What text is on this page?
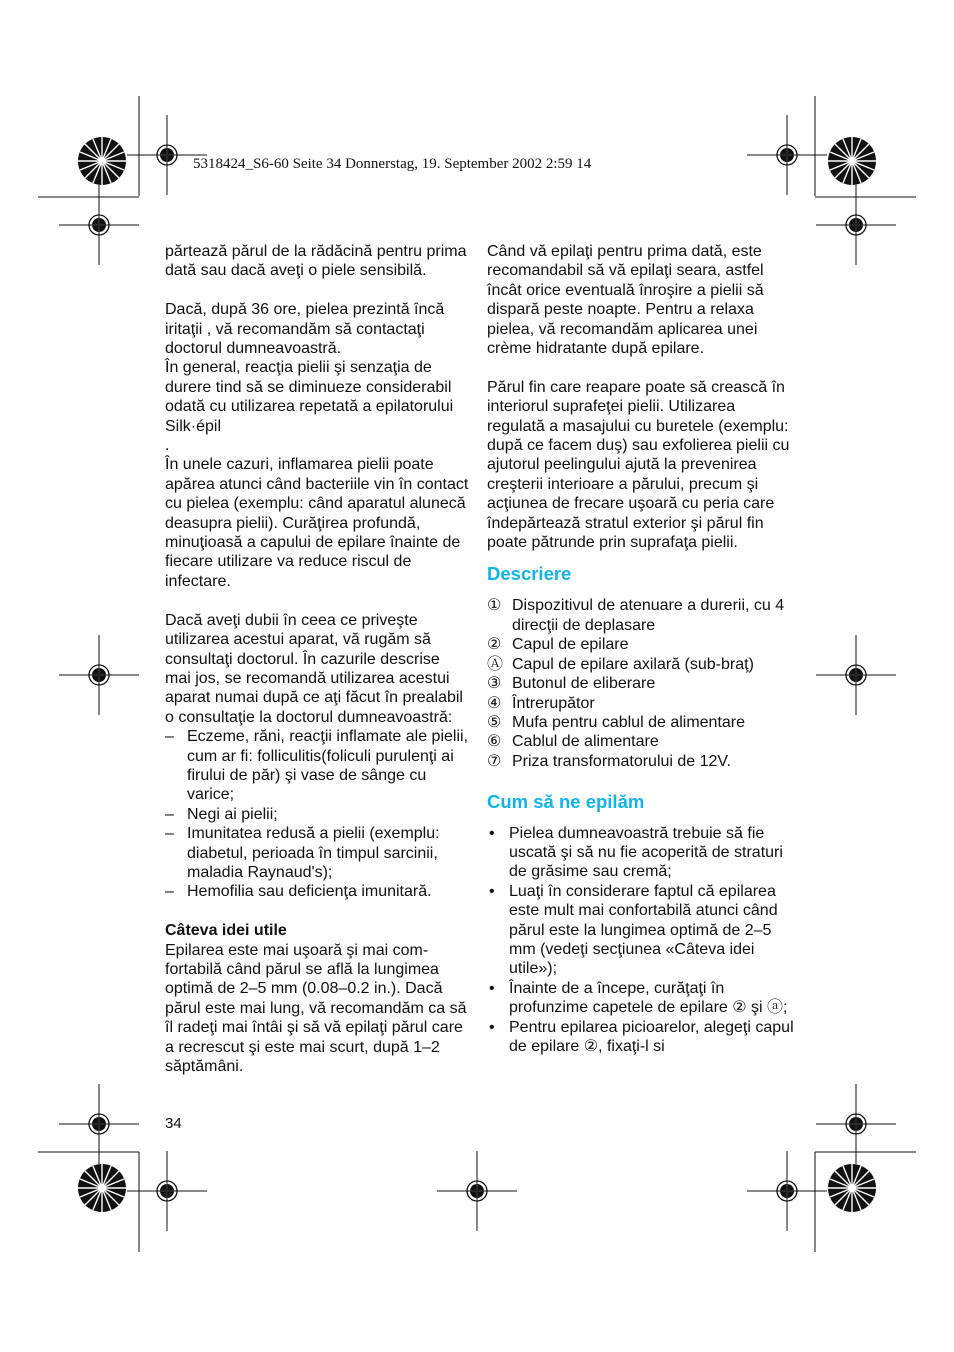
5318424_S6-60 Seite 34 Donnerstag, 19. September 2002 2:59 14

părtează părul de la rădăcină pentru prima dată sau dacă aveţi o piele sensibilă.

Dacă, după 36 ore, pielea prezintă încă iritaţii , vă recomandăm să contactaţi doctorul dumneavoastră.

În general, reacţia pielii şi senzaţia de durere tind să se diminueze considerabil odată cu utilizarea repetată a epilatorului Silk·épil

.

În unele cazuri, inflamarea pielii poate apărea atunci când bacteriile vin în contact cu pielea (exemplu: când aparatul alunecă deasupra pielii). Curăţirea profundă, minuţioasă a capului de epilare înainte de fiecare utilizare va reduce riscul de infectare.

Dacă aveţi dubii în ceea ce priveşte utilizarea acestui aparat, vă rugăm să consultaţi doctorul. În cazurile descrise mai jos, se recomandă utilizarea acestui aparat numai după ce aţi făcut în prealabil o consultaţie la doctorul dumneavoastră:

– Eczeme, răni, reacţii inflamate ale pielii, cum ar fi: folliculitis(foliculi purulenţi ai firului de păr) şi vase de sânge cu varice;
– Negi ai pielii;
– Imunitatea redusă a pielii (exemplu: diabetul, perioada în timpul sarcinii, maladia Raynaud's);
– Hemofilia sau deficienţa imunitară.

Câteva idei utile

Epilarea este mai uşoară şi mai com-fortabilă când părul se află la lungimea optimă de 2–5 mm (0.08–0.2 in.). Dacă părul este mai lung, vă recomandăm ca să îl radeţi mai întâi şi să vă epilaţi părul care a recrescut şi este mai scurt, după 1–2 săptămâni.

34

Când vă epilaţi pentru prima dată, este recomandabil să vă epilaţi seara, astfel încât orice eventuală înroşire a pielii să dispară peste noapte. Pentru a relaxa pielea, vă recomandăm aplicarea unei crème hidratante după epilare.

Părul fin care reapare poate să crească în interiorul suprafeţei pielii. Utilizarea regulată a masajului cu buretele (exemplu: după ce facem duş) sau exfolierea pielii cu ajutorul peelingului ajută la prevenirea creşterii interioare a părului, precum şi acţiunea de frecare uşoară cu peria care îndepărtează stratul exterior şi părul fin poate pătrunde prin suprafaţa pielii.

Descriere
① Dispozitivul de atenuare a durerii, cu 4 direcţii de deplasare
② Capul de epilare
Ⓐ Capul de epilare axilară (sub-braţ)
③ Butonul de eliberare
④ Întrerupător
⑤ Mufa pentru cablul de alimentare
⑥ Cablul de alimentare
⑦ Priza transformatorului de 12V.
Cum să ne epilăm
• Pielea dumneavoastră trebuie să fie uscată şi să nu fie acoperită de straturi de grăsime sau cremă;
• Luaţi în considerare faptul că epilarea este mult mai confortabilă atunci când părul este la lungimea optimă de 2–5 mm (vedeţi secţiunea «Câteva idei utile»);
• Înainte de a începe, curăţaţi în profunzime capetele de epilare ② şi ⓐ;
• Pentru epilarea picioarelor, alegeţi capul de epilare ②, fixaţi-l si
